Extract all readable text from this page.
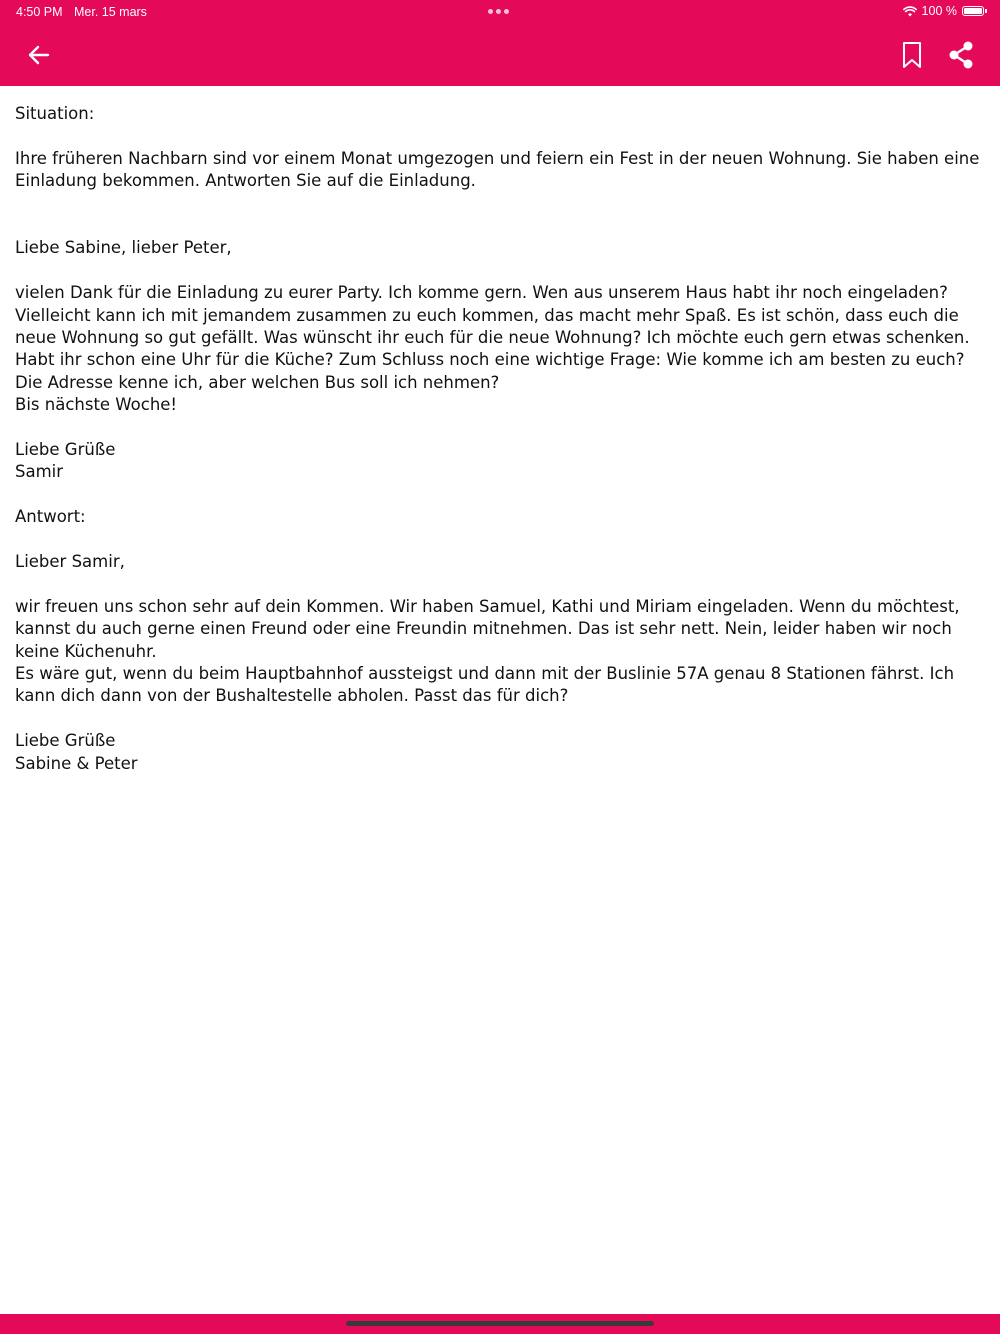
4:50 PM Mer. 15 mars	100 %

Situation:

Ihre früheren Nachbarn sind vor einem Monat umgezogen und feiern ein Fest in der neuen Wohnung. Sie haben eine Einladung bekommen. Antworten Sie auf die Einladung.

Liebe Sabine, lieber Peter,

vielen Dank für die Einladung zu eurer Party. Ich komme gern. Wen aus unserem Haus habt ihr noch eingeladen? Vielleicht kann ich mit jemandem zusammen zu euch kommen, das macht mehr Spaß. Es ist schön, dass euch die neue Wohnung so gut gefällt. Was wünscht ihr euch für die neue Wohnung? Ich möchte euch gern etwas schenken. Habt ihr schon eine Uhr für die Küche? Zum Schluss noch eine wichtige Frage: Wie komme ich am besten zu euch? Die Adresse kenne ich, aber welchen Bus soll ich nehmen?

Bis nächste Woche!

Liebe Grüße

Samir

Antwort:

Lieber Samir,

wir freuen uns schon sehr auf dein Kommen. Wir haben Samuel, Kathi und Miriam eingeladen. Wenn du möchtest, kannst du auch gerne einen Freund oder eine Freundin mitnehmen. Das ist sehr nett. Nein, leider haben wir noch keine Küchenuhr.

Es wäre gut, wenn du beim Hauptbahnhof aussteigst und dann mit der Buslinie 57A genau 8 Stationen fährst. Ich kann dich dann von der Bushaltestelle abholen. Passt das für dich?

Liebe Grüße

Sabine & Peter
